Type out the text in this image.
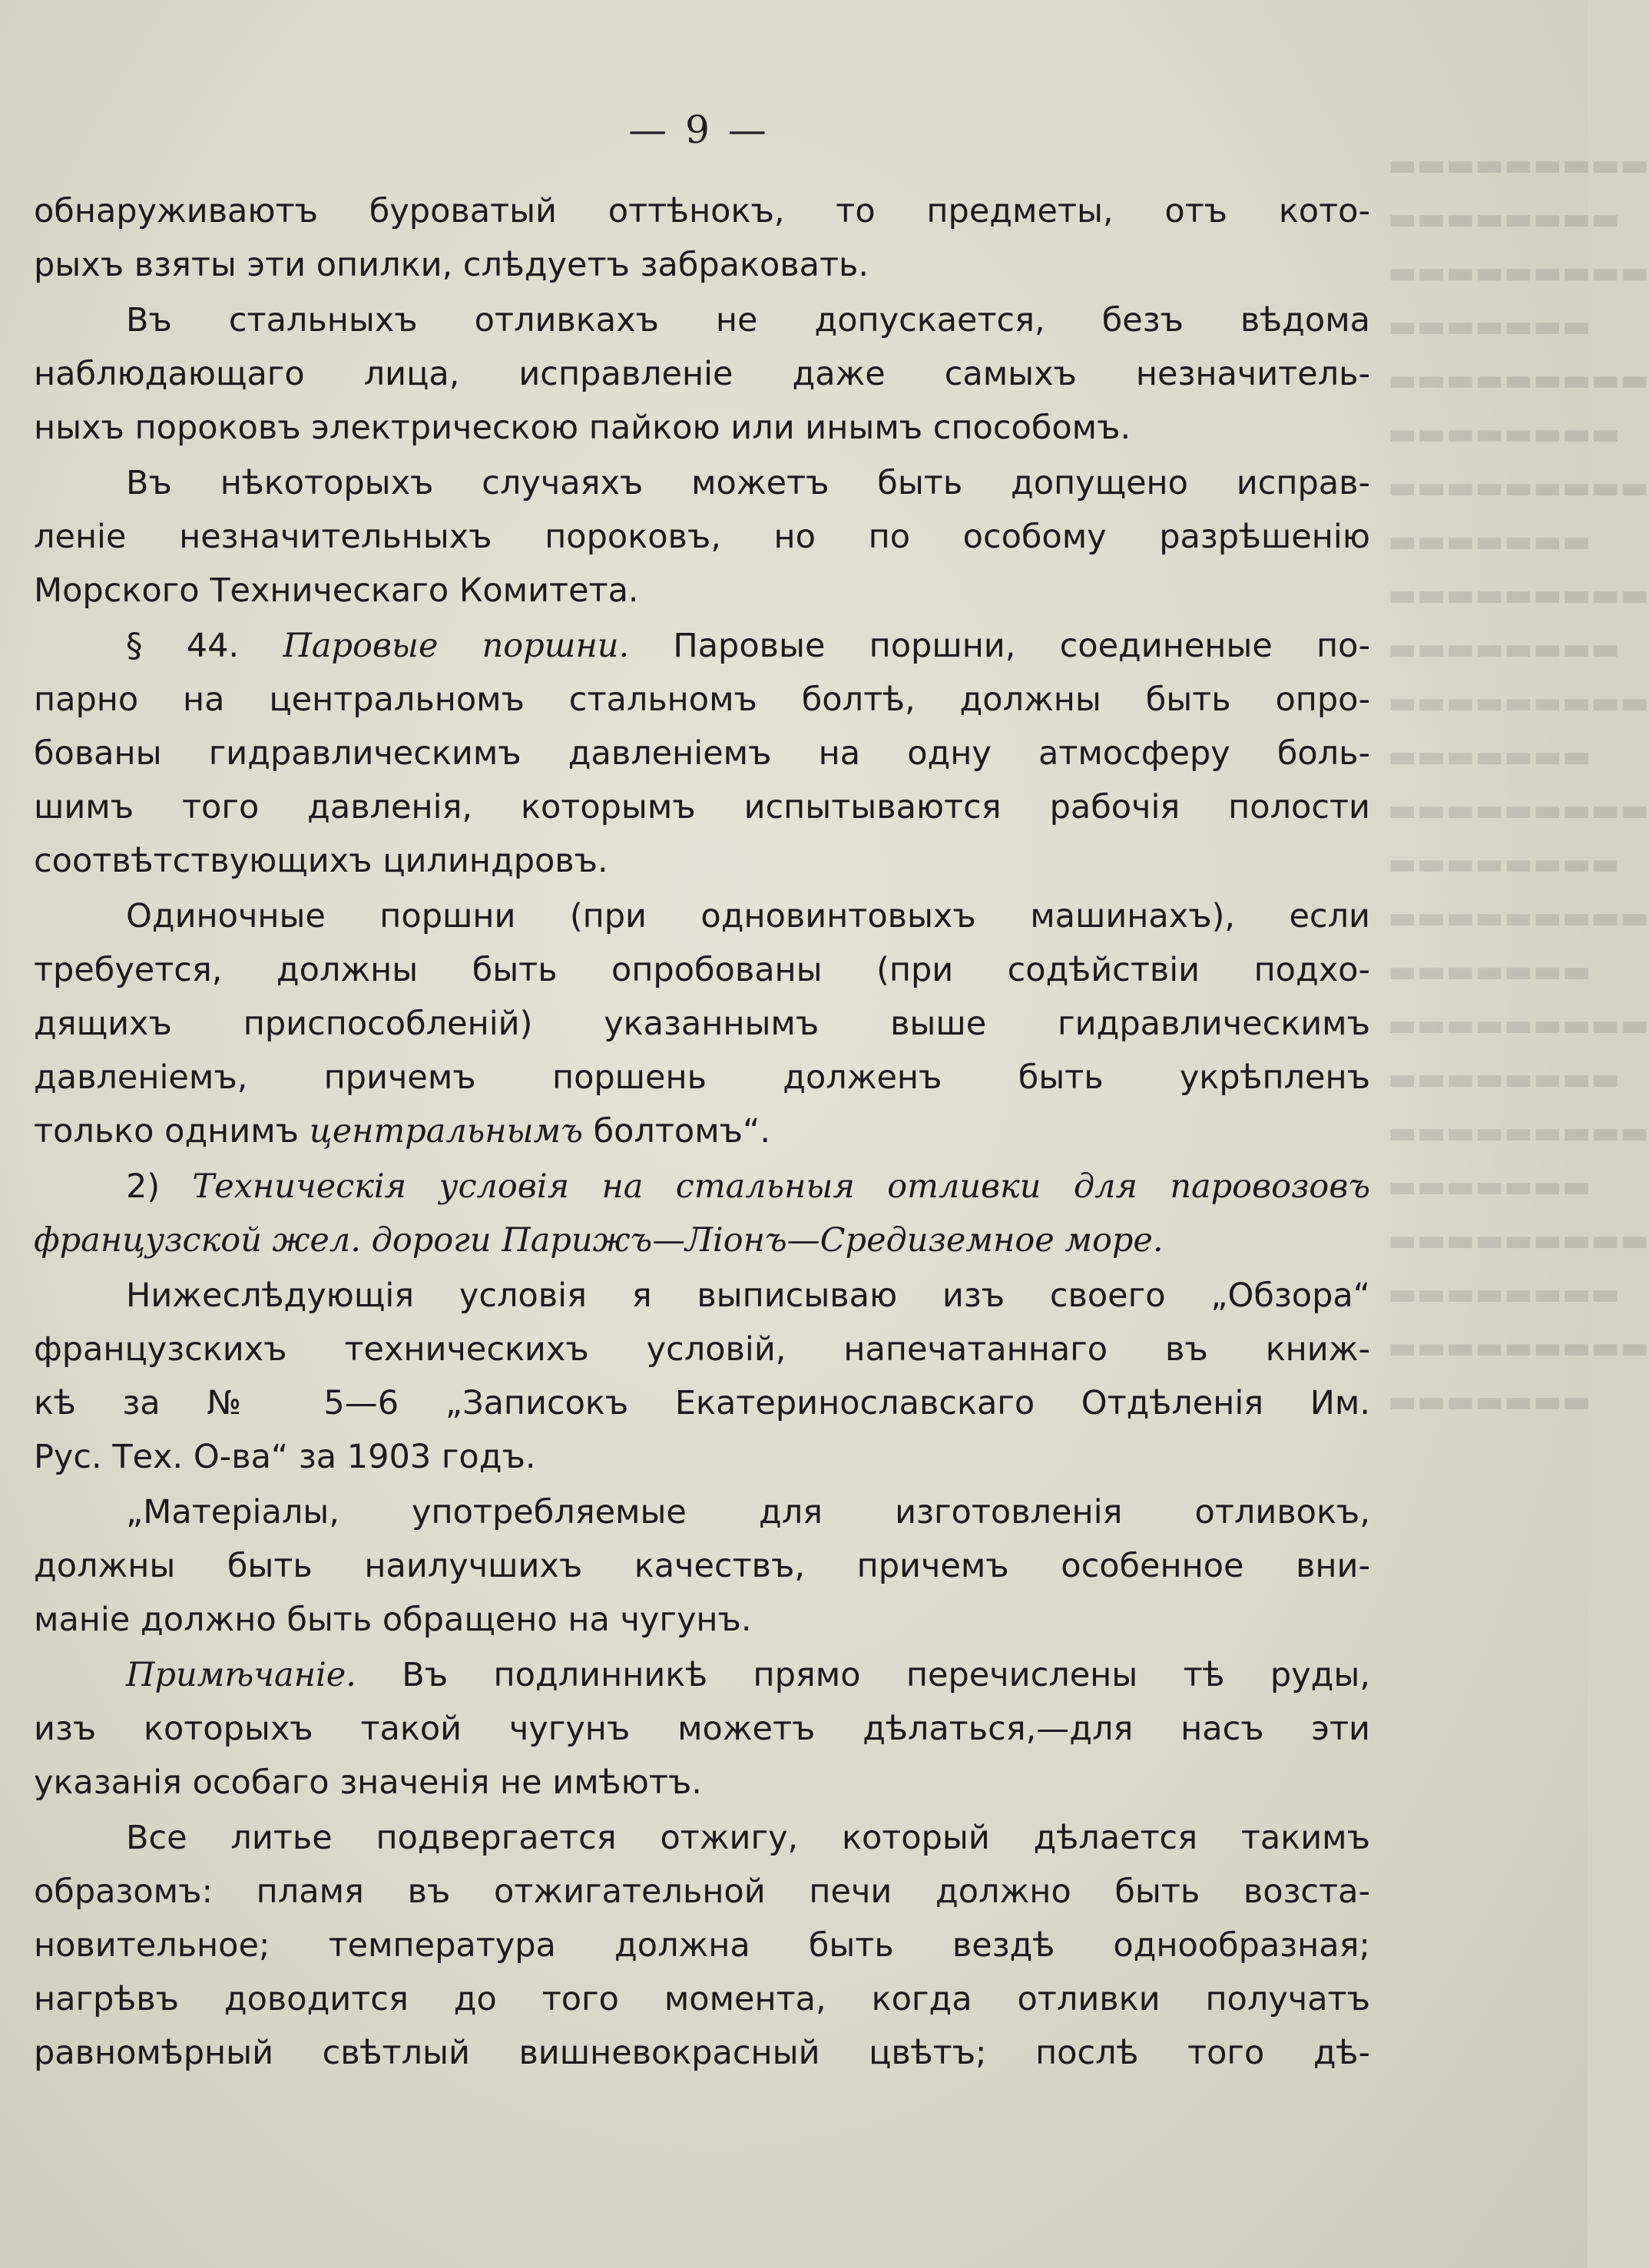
▬▬▬▬▬▬▬▬▬
▬▬▬▬▬▬▬▬
▬▬▬▬▬▬▬▬▬
▬▬▬▬▬▬▬
▬▬▬▬▬▬▬▬▬
▬▬▬▬▬▬▬▬
▬▬▬▬▬▬▬▬▬
▬▬▬▬▬▬▬
▬▬▬▬▬▬▬▬▬
▬▬▬▬▬▬▬▬
▬▬▬▬▬▬▬▬▬
▬▬▬▬▬▬▬
▬▬▬▬▬▬▬▬▬
▬▬▬▬▬▬▬▬
▬▬▬▬▬▬▬▬▬
▬▬▬▬▬▬▬
▬▬▬▬▬▬▬▬▬
▬▬▬▬▬▬▬▬
▬▬▬▬▬▬▬▬▬
▬▬▬▬▬▬▬
▬▬▬▬▬▬▬▬▬
▬▬▬▬▬▬▬▬
▬▬▬▬▬▬▬▬▬
▬▬▬▬▬▬▬
— 9 —
обнаруживаютъ буроватый оттѣнокъ, то предметы, отъ кото-
рыхъ взяты эти опилки, слѣдуетъ забраковать.
Въ стальныхъ отливкахъ не допускается, безъ вѣдома
наблюдающаго лица, исправленіе даже самыхъ незначитель-
ныхъ пороковъ электрическою пайкою или инымъ способомъ.
Въ нѣкоторыхъ случаяхъ можетъ быть допущено исправ-
леніе незначительныхъ пороковъ, но по особому разрѣшенію
Морского Техническаго Комитета.
§ 44. Паровые поршни. Паровые поршни, соединеные по-
парно на центральномъ стальномъ болтѣ, должны быть опро-
бованы гидравлическимъ давленіемъ на одну атмосферу боль-
шимъ того давленія, которымъ испытываются рабочія полости
соотвѣтствующихъ цилиндровъ.
Одиночные поршни (при одновинтовыхъ машинахъ), если
требуется, должны быть опробованы (при содѣйствіи подхо-
дящихъ приспособленій) указаннымъ выше гидравлическимъ
давленіемъ, причемъ поршень долженъ быть укрѣпленъ
только однимъ центральнымъ болтомъ“.
2) Техническія условія на стальныя отливки для паровозовъ
французской жел. дороги Парижъ—Ліонъ—Средиземное море.
Нижеслѣдующія условія я выписываю изъ своего „Обзора“
французскихъ техническихъ условій, напечатаннаго въ книж-
кѣ за № 5—6 „Записокъ Екатеринославскаго Отдѣленія Им.
Рус. Тех. О-ва“ за 1903 годъ.
„Матеріалы, употребляемые для изготовленія отливокъ,
должны быть наилучшихъ качествъ, причемъ особенное вни-
маніе должно быть обращено на чугунъ.
Примѣчаніе. Въ подлинникѣ прямо перечислены тѣ руды,
изъ которыхъ такой чугунъ можетъ дѣлаться,—для насъ эти
указанія особаго значенія не имѣютъ.
Все литье подвергается отжигу, который дѣлается такимъ
образомъ: пламя въ отжигательной печи должно быть возста-
новительное; температура должна быть вездѣ однообразная;
нагрѣвъ доводится до того момента, когда отливки получатъ
равномѣрный свѣтлый вишневокрасный цвѣтъ; послѣ того дѣ-
